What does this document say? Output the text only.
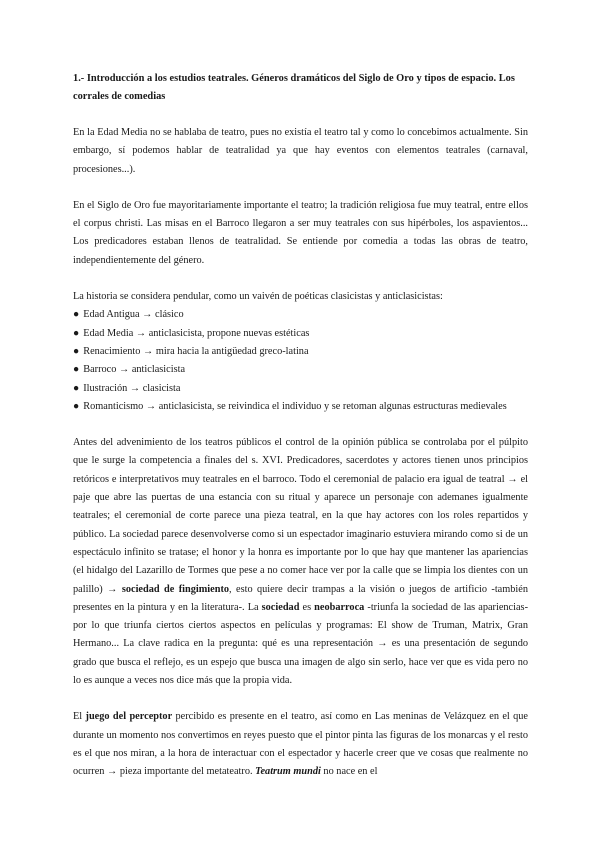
1.- Introducción a los estudios teatrales. Géneros dramáticos del Siglo de Oro y tipos de espacio. Los corrales de comedias

En la Edad Media no se hablaba de teatro, pues no existía el teatro tal y como lo concebimos actualmente. Sin embargo, sí podemos hablar de teatralidad ya que hay eventos con elementos teatrales (carnaval, procesiones...).

En el Siglo de Oro fue mayoritariamente importante el teatro; la tradición religiosa fue muy teatral, entre ellos el corpus christi. Las misas en el Barroco llegaron a ser muy teatrales con sus hipérboles, los aspavientos... Los predicadores estaban llenos de teatralidad. Se entiende por comedia a todas las obras de teatro, independientemente del género.

La historia se considera pendular, como un vaivén de poéticas clasicistas y anticlasicistas:

● Edad Antigua → clásico
● Edad Media → anticlasicista, propone nuevas estéticas
● Renacimiento → mira hacia la antigüedad greco-latina
● Barroco → anticlasicista
● Ilustración → clasicista
● Romanticismo → anticlasicista, se reivindica el individuo y se retoman algunas estructuras medievales

Antes del advenimiento de los teatros públicos el control de la opinión pública se controlaba por el púlpito que le surge la competencia a finales del s. XVI. Predicadores, sacerdotes y actores tienen unos principios retóricos e interpretativos muy teatrales en el barroco. Todo el ceremonial de palacio era igual de teatral → el paje que abre las puertas de una estancia con su ritual y aparece un personaje con ademanes igualmente teatrales; el ceremonial de corte parece una pieza teatral, en la que hay actores con los roles repartidos y público. La sociedad parece desenvolverse como si un espectador imaginario estuviera mirando como si de un espectáculo infinito se tratase; el honor y la honra es importante por lo que hay que mantener las apariencias (el hidalgo del Lazarillo de Tormes que pese a no comer hace ver por la calle que se limpia los dientes con un palillo) → sociedad de fingimiento, esto quiere decir trampas a la visión o juegos de artificio -también presentes en la pintura y en la literatura-. La sociedad es neobarroca -triunfa la sociedad de las apariencias- por lo que triunfa ciertos ciertos aspectos en películas y programas: El show de Truman, Matrix, Gran Hermano... La clave radica en la pregunta: qué es una representación → es una presentación de segundo grado que busca el reflejo, es un espejo que busca una imagen de algo sin serlo, hace ver que es vida pero no lo es aunque a veces nos dice más que la propia vida.

El juego del perceptor percibido es presente en el teatro, así como en Las meninas de Velázquez en el que durante un momento nos convertimos en reyes puesto que el pintor pinta las figuras de los monarcas y el resto es el que nos miran, a la hora de interactuar con el espectador y hacerle creer que ve cosas que realmente no ocurren → pieza importante del metateatro. Teatrum mundi no nace en el
